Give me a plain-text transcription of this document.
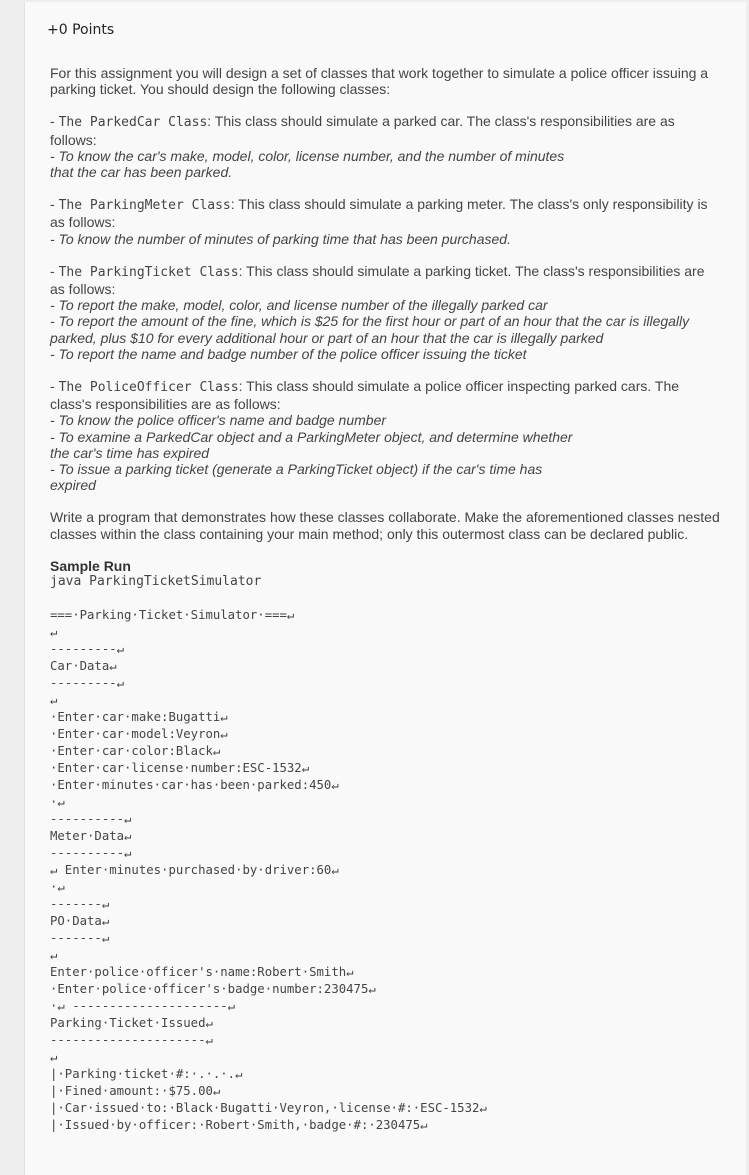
+0 Points

For this assignment you will design a set of classes that work together to simulate a police officer issuing a parking ticket. You should design the following classes:

- The ParkedCar Class: This class should simulate a parked car. The class's responsibilities are as follows:
- To know the car's make, model, color, license number, and the number of minutes
that the car has been parked.

- The ParkingMeter Class: This class should simulate a parking meter. The class's only responsibility is as follows:
- To know the number of minutes of parking time that has been purchased.

- The ParkingTicket Class: This class should simulate a parking ticket. The class's responsibilities are as follows:
- To report the make, model, color, and license number of the illegally parked car
- To report the amount of the fine, which is $25 for the first hour or part of an hour that the car is illegally parked, plus $10 for every additional hour or part of an hour that the car is illegally parked
- To report the name and badge number of the police officer issuing the ticket

- The PoliceOfficer Class: This class should simulate a police officer inspecting parked cars. The class's responsibilities are as follows:
- To know the police officer's name and badge number
- To examine a ParkedCar object and a ParkingMeter object, and determine whether
the car's time has expired
- To issue a parking ticket (generate a ParkingTicket object) if the car's time has
expired

Write a program that demonstrates how these classes collaborate. Make the aforementioned classes nested classes within the class containing your main method; only this outermost class can be declared public.

Sample Run
java ParkingTicketSimulator
===·Parking·Ticket·Simulator·===↵
↵
---------↵
Car·Data↵
---------↵
↵
·Enter·car·make:Bugatti↵
·Enter·car·model:Veyron↵
·Enter·car·color:Black↵
·Enter·car·license·number:ESC-1532↵
·Enter·minutes·car·has·been·parked:450↵
·↵
----------↵
Meter·Data↵
----------↵
↵ Enter·minutes·purchased·by·driver:60↵
·↵
-------↵
PO·Data↵
-------↵
↵
Enter·police·officer's·name:Robert·Smith↵
·Enter·police·officer's·badge·number:230475↵
·↵ ---------------------↵
Parking·Ticket·Issued↵
---------------------↵
↵
|·Parking·ticket·#:·.·.·.↵
|·Fined·amount:·$75.00↵
|·Car·issued·to:·Black·Bugatti·Veyron,·license·#:·ESC-1532↵
|·Issued·by·officer:·Robert·Smith,·badge·#:·230475↵
